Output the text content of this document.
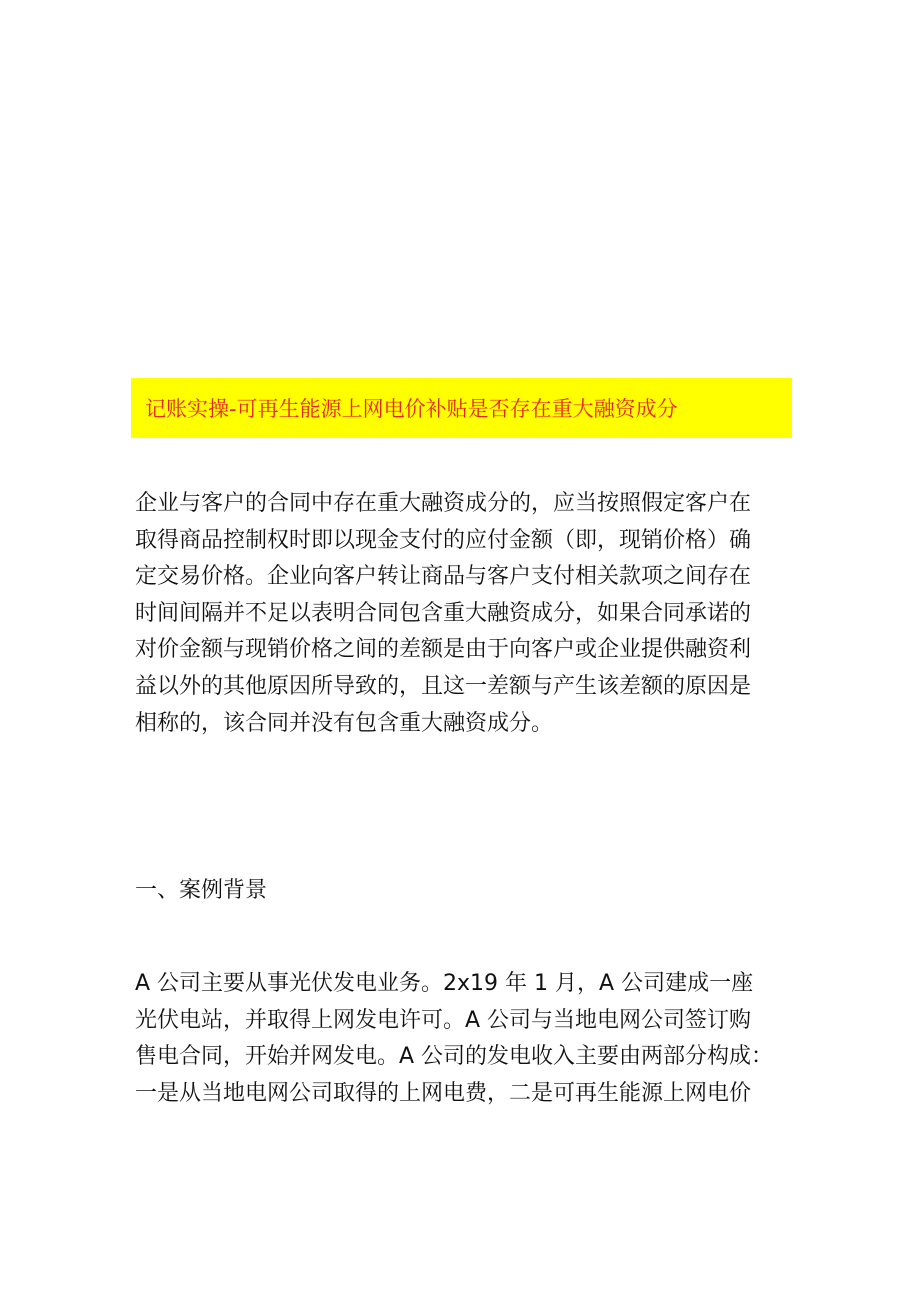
记账实操-可再生能源上网电价补贴是否存在重大融资成分
企业与客户的合同中存在重大融资成分的，应当按照假定客户在
取得商品控制权时即以现金支付的应付金额（即，现销价格）确
定交易价格。企业向客户转让商品与客户支付相关款项之间存在
时间间隔并不足以表明合同包含重大融资成分，如果合同承诺的
对价金额与现销价格之间的差额是由于向客户或企业提供融资利
益以外的其他原因所导致的，且这一差额与产生该差额的原因是
相称的，该合同并没有包含重大融资成分。
一、案例背景
A 公司主要从事光伏发电业务。2x19 年 1 月，A 公司建成一座
光伏电站，并取得上网发电许可。A 公司与当地电网公司签订购
售电合同，开始并网发电。A 公司的发电收入主要由两部分构成：
一是从当地电网公司取得的上网电费，二是可再生能源上网电价
